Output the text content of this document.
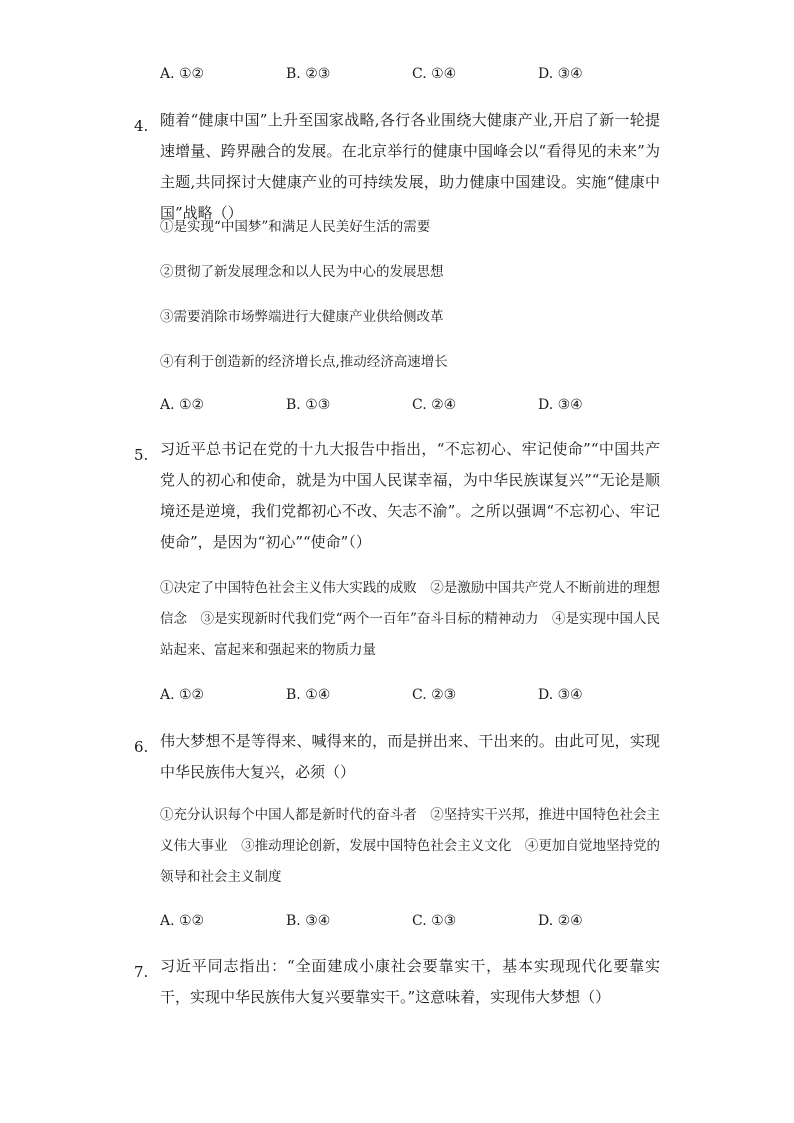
A. ①②	B. ②③	C. ①④	D. ③④
4. 随着“健康中国”上升至国家战略,各行各业围绕大健康产业,开启了新一轮提速增量、跨界融合的发展。在北京举行的健康中国峰会以“看得见的未来”为主题,共同探讨大健康产业的可持续发展，助力健康中国建设。实施“健康中国”战略（）
①是实现“中国梦”和满足人民美好生活的需要
②贯彻了新发展理念和以人民为中心的发展思想
③需要消除市场弊端进行大健康产业供给侧改革
④有利于创造新的经济增长点,推动经济高速增长
A. ①②	B. ①③	C. ②④	D. ③④
5. 习近平总书记在党的十九大报告中指出，“不忘初心、牢记使命”“中国共产党人的初心和使命，就是为中国人民谋幸福，为中华民族谋复兴”“无论是顺境还是逆境，我们党都初心不改、矢志不渝”。之所以强调“不忘初心、牢记使命”，是因为“初心”“使命”（）
①决定了中国特色社会主义伟大实践的成败　②是激励中国共产党人不断前进的理想信念　③是实现新时代我们党“两个一百年”奋斗目标的精神动力　④是实现中国人民站起来、富起来和强起来的物质力量
A. ①②	B. ①④	C. ②③	D. ③④
6. 伟大梦想不是等得来、喊得来的，而是拼出来、干出来的。由此可见，实现中华民族伟大复兴，必须（）
①充分认识每个中国人都是新时代的奋斗者　②坚持实干兴邦，推进中国特色社会主义伟大事业　③推动理论创新，发展中国特色社会主义文化　④更加自觉地坚持党的领导和社会主义制度
A. ①②	B. ③④	C. ①③	D. ②④
7. 习近平同志指出：“全面建成小康社会要靠实干，基本实现现代化要靠实干，实现中华民族伟大复兴要靠实干。”这意味着，实现伟大梦想（）
